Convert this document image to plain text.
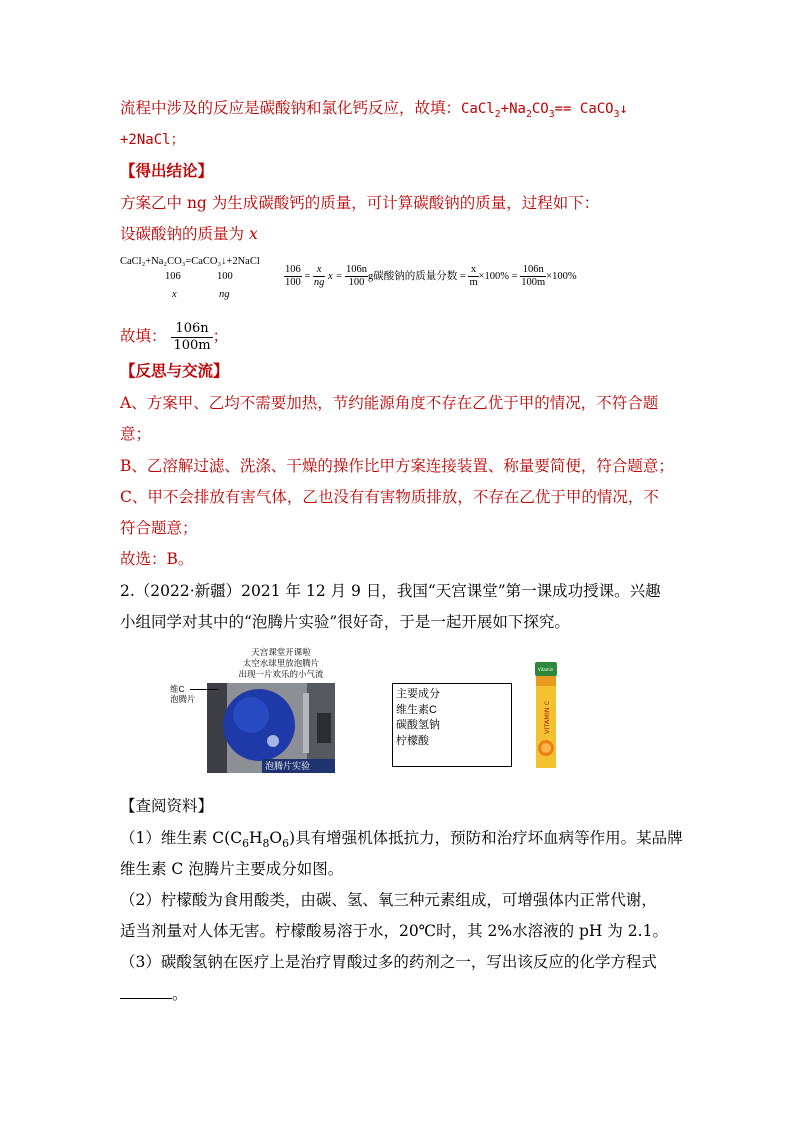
流程中涉及的反应是碳酸钠和氯化钙反应，故填：$CaCl_2+Na_2CO_3==$ CaCO$_3$↓
+2NaCl；
【得出结论】
方案乙中 ng 为生成碳酸钙的质量，可计算碳酸钠的质量，过程如下：
设碳酸钠的质量为 x
CaCl₂+Na₂CO₃=CaCO₃↓+2NaCl
106	100
x	ng
$\frac{106}{100} = \frac{x}{ng}$ $x = \frac{106n}{100}$ g碳酸钠的质量分数 = $\frac{x}{m} \times 100\% = \frac{106n}{100m} \times 100\%$
故填： $\frac{106n}{100m}$ ；
【反思与交流】
A、方案甲、乙均不需要加热，节约能源角度不存在乙优于甲的情况，不符合题
意；
B、乙溶解过滤、洗涤、干燥的操作比甲方案连接装置、称量要简便，符合题意；
C、甲不会排放有害气体，乙也没有有害物质排放，不存在乙优于甲的情况，不
符合题意；
故选：B。
2.（2022·新疆）2021 年 12 月 9 日，我国“天宫课堂”第一课成功授课。兴趣
小组同学对其中的“泡腾片实验”很好奇，于是一起开展如下探究。
天宫课堂开课啦
太空水球里放泡腾片
出现一片欢乐的小气流
泡腾片实验
维C
泡腾片	主要成分
维生素C
碳酸氢钠
柠檬酸
VITAMIN C
Vitamin
【查阅资料】
（1）维生素 $C(C_6H_8O_6)$具有增强机体抵抗力，预防和治疗坏血病等作用。某品牌
维生素 C 泡腾片主要成分如图。
（2）柠檬酸为食用酸类，由碳、氢、氧三种元素组成，可增强体内正常代谢，
适当剂量对人体无害。柠檬酸易溶于水，20℃时，其 2%水溶液的 pH 为 2.1。
（3）碳酸氢钠在医疗上是治疗胃酸过多的药剂之一，写出该反应的化学方程式
。
